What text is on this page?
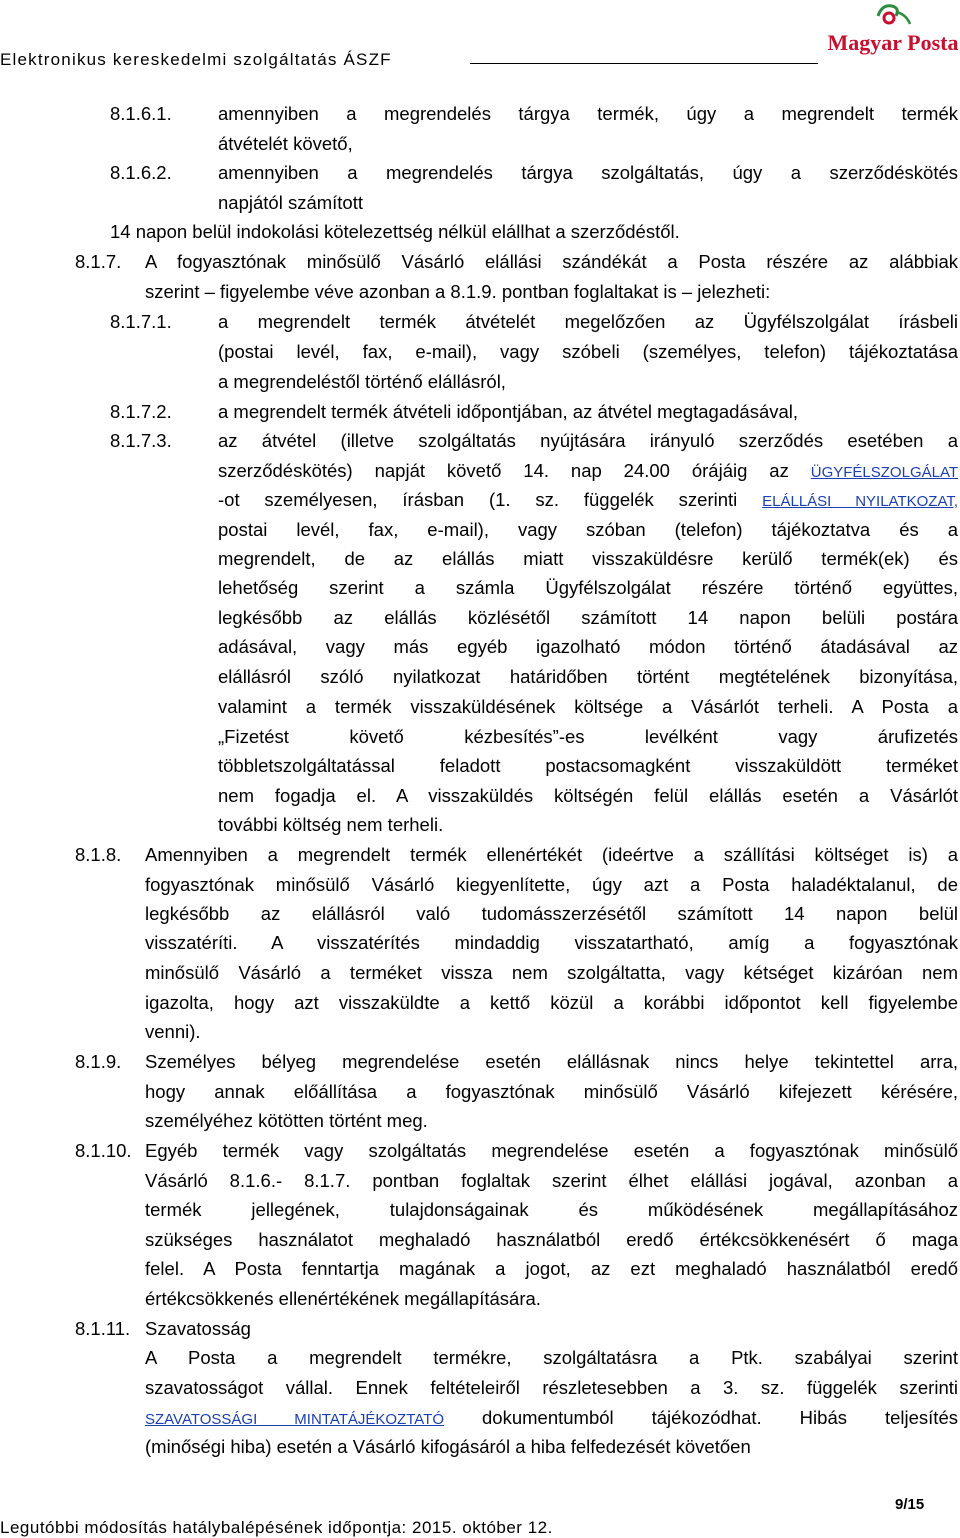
Elektronikus kereskedelmi szolgáltatás ÁSZF
Magyar Posta
8.1.6.1.	amennyiben a megrendelés tárgya termék, úgy a megrendelt termék
átvételét követő,
8.1.6.2.	amennyiben a megrendelés tárgya szolgáltatás, úgy a szerződéskötés
napjától számított
14 napon belül indokolási kötelezettség nélkül elállhat a szerződéstől.
8.1.7. A fogyasztónak minősülő Vásárló elállási szándékát a Posta részére az alábbiak
szerint – figyelembe véve azonban a 8.1.9. pontban foglaltakat is – jelezheti:
8.1.7.1.	a megrendelt termék átvételét megelőzően az Ügyfélszolgálat írásbeli
(postai levél, fax, e-mail), vagy szóbeli (személyes, telefon) tájékoztatása
a megrendeléstől történő elállásról,
8.1.7.2.	a megrendelt termék átvételi időpontjában, az átvétel megtagadásával,
8.1.7.3.	az átvétel (illetve szolgáltatás nyújtására irányuló szerződés esetében a
szerződéskötés) napját követő 14. nap 24.00 órájáig az ÜGYFÉLSZOLGÁLAT
-ot személyesen, írásban (1. sz. függelék szerinti ELÁLLÁSI NYILATKOZAT,
postai levél, fax, e-mail), vagy szóban (telefon) tájékoztatva és a
megrendelt, de az elállás miatt visszaküldésre kerülő termék(ek) és
lehetőség szerint a számla Ügyfélszolgálat részére történő együttes,
legkésőbb az elállás közlésétől számított 14 napon belüli postára
adásával, vagy más egyéb igazolható módon történő átadásával az
elállásról szóló nyilatkozat határidőben történt megtételének bizonyítása,
valamint a termék visszaküldésének költsége a Vásárlót terheli. A Posta a
„Fizetést követő kézbesítés”-es levélként vagy árufizetés
többletszolgáltatással feladott postacsomagként visszaküldött terméket
nem fogadja el. A visszaküldés költségén felül elállás esetén a Vásárlót
további költség nem terheli.
8.1.8. Amennyiben a megrendelt termék ellenértékét (ideértve a szállítási költséget is) a
fogyasztónak minősülő Vásárló kiegyenlítette, úgy azt a Posta haladéktalanul, de
legkésőbb az elállásról való tudomásszerzésétől számított 14 napon belül
visszatéríti. A visszatérítés mindaddig visszatartható, amíg a fogyasztónak
minősülő Vásárló a terméket vissza nem szolgáltatta, vagy kétséget kizáróan nem
igazolta, hogy azt visszaküldte a kettő közül a korábbi időpontot kell figyelembe
venni).
8.1.9. Személyes bélyeg megrendelése esetén elállásnak nincs helye tekintettel arra,
hogy annak előállítása a fogyasztónak minősülő Vásárló kifejezett kérésére,
személyéhez kötötten történt meg.
8.1.10. Egyéb termék vagy szolgáltatás megrendelése esetén a fogyasztónak minősülő
Vásárló 8.1.6.- 8.1.7. pontban foglaltak szerint élhet elállási jogával, azonban a
termék jellegének, tulajdonságainak és működésének megállapításához
szükséges használatot meghaladó használatból eredő értékcsökkenésért ő maga
felel. A Posta fenntartja magának a jogot, az ezt meghaladó használatból eredő
értékcsökkenés ellenértékének megállapítására.
8.1.11. Szavatosság
A Posta a megrendelt termékre, szolgáltatásra a Ptk. szabályai szerint
szavatosságot vállal. Ennek feltételeiről részletesebben a 3. sz. függelék szerinti
SZAVATOSSÁGI MINTATÁJÉKOZTATÓ dokumentumból tájékozódhat. Hibás teljesítés
(minőségi hiba) esetén a Vásárló kifogásáról a hiba felfedezését követően
9/15
Legutóbbi módosítás hatálybalépésének időpontja: 2015. október 12.
